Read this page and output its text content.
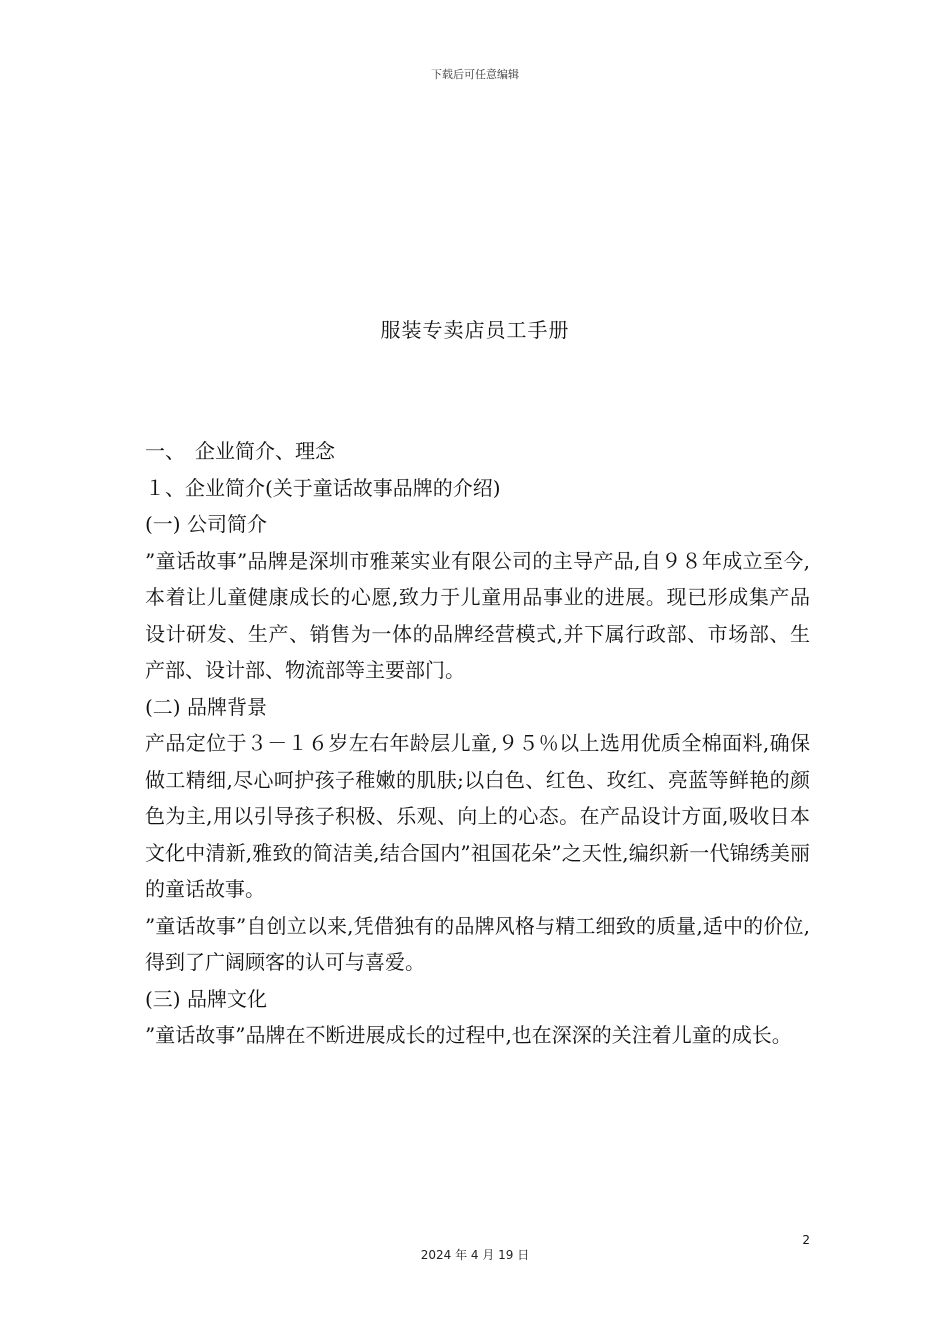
下载后可任意编辑
服装专卖店员工手册

一、　企业简介、理念

１、企业简介(关于童话故事品牌的介绍)

(一) 公司简介

”童话故事”品牌是深圳市雅莱实业有限公司的主导产品,自９８年成立至今,本着让儿童健康成长的心愿,致力于儿童用品事业的进展。现已形成集产品设计研发、生产、销售为一体的品牌经营模式,并下属行政部、市场部、生产部、设计部、物流部等主要部门。

(二) 品牌背景

产品定位于３－１６岁左右年龄层儿童,９５％以上选用优质全棉面料,确保做工精细,尽心呵护孩子稚嫩的肌肤;以白色、红色、玫红、亮蓝等鲜艳的颜色为主,用以引导孩子积极、乐观、向上的心态。在产品设计方面,吸收日本文化中清新,雅致的简洁美,结合国内”祖国花朵”之天性,编织新一代锦绣美丽的童话故事。

”童话故事”自创立以来,凭借独有的品牌风格与精工细致的质量,适中的价位,得到了广阔顾客的认可与喜爱。

(三) 品牌文化

”童话故事”品牌在不断进展成长的过程中,也在深深的关注着儿童的成长。

2
2024 年 4 月 19 日
